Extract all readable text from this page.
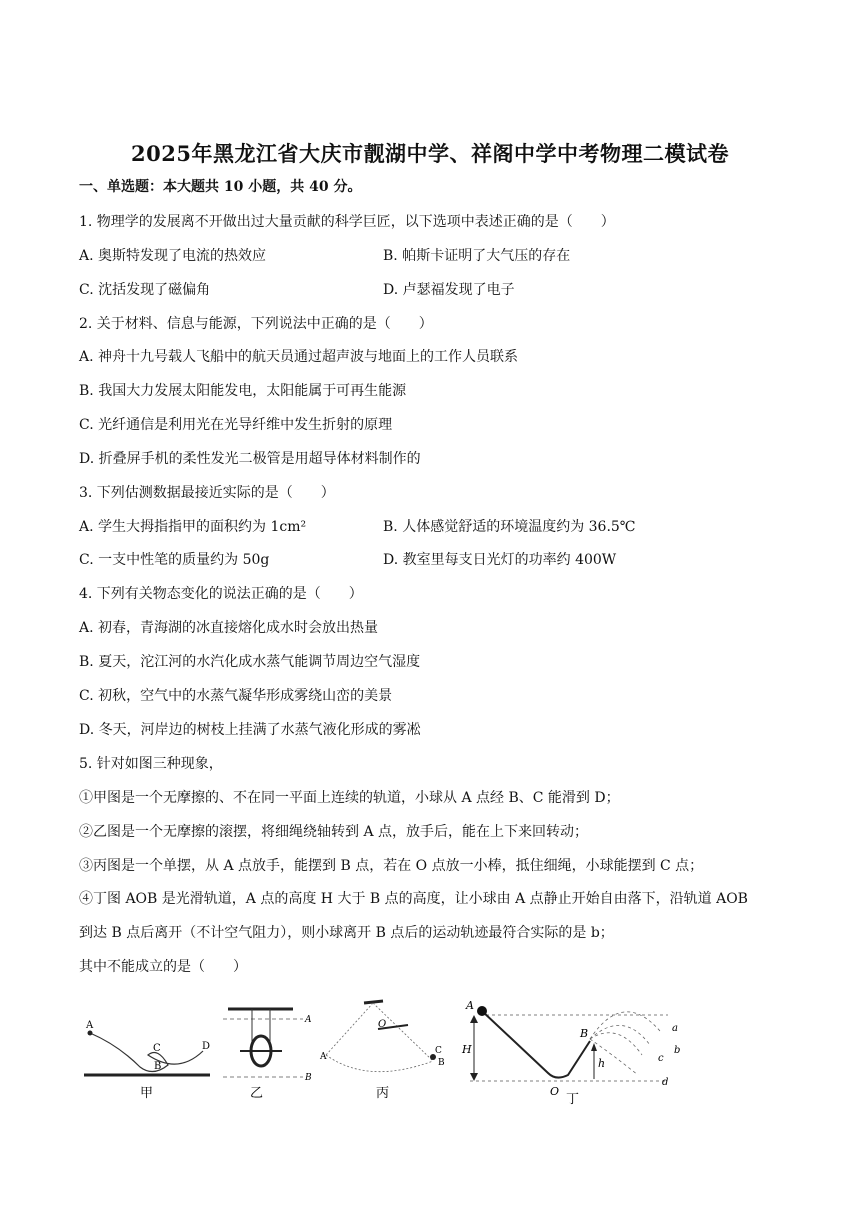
2025年黑龙江省大庆市靓湖中学、祥阁中学中考物理二模试卷
一、单选题：本大题共 10 小题，共 40 分。
1. 物理学的发展离不开做出过大量贡献的科学巨匠，以下选项中表述正确的是（　　）
A. 奥斯特发现了电流的热效应	B. 帕斯卡证明了大气压的存在
C. 沈括发现了磁偏角	D. 卢瑟福发现了电子
2. 关于材料、信息与能源，下列说法中正确的是（　　）
A. 神舟十九号载人飞船中的航天员通过超声波与地面上的工作人员联系
B. 我国大力发展太阳能发电，太阳能属于可再生能源
C. 光纤通信是利用光在光导纤维中发生折射的原理
D. 折叠屏手机的柔性发光二极管是用超导体材料制作的
3. 下列估测数据最接近实际的是（　　）
A. 学生大拇指指甲的面积约为 1cm²	B. 人体感觉舒适的环境温度约为 36.5℃
C. 一支中性笔的质量约为 50g	D. 教室里每支日光灯的功率约 400W
4. 下列有关物态变化的说法正确的是（　　）
A. 初春，青海湖的冰直接熔化成水时会放出热量
B. 夏天，沱江河的水汽化成水蒸气能调节周边空气湿度
C. 初秋，空气中的水蒸气凝华形成雾绕山峦的美景
D. 冬天，河岸边的树枝上挂满了水蒸气液化形成的雾凇
5. 针对如图三种现象，
①甲图是一个无摩擦的、不在同一平面上连续的轨道，小球从 A 点经 B、C 能滑到 D；
②乙图是一个无摩擦的滚摆，将细绳绕轴转到 A 点，放手后，能在上下来回转动；
③丙图是一个单摆，从 A 点放手，能摆到 B 点，若在 O 点放一小棒，抵住细绳，小球能摆到 C 点；
④丁图 AOB 是光滑轨道，A 点的高度 H 大于 B 点的高度，让小球由 A 点静止开始自由落下，沿轨道 AOB
到达 B 点后离开（不计空气阻力），则小球离开 B 点后的运动轨迹最符合实际的是 b；
其中不能成立的是（　　）
A
B
C	D
甲
A
B
乙
A
O
C
B
丙
A
H
B
h
O
a
b
c
d
丁
